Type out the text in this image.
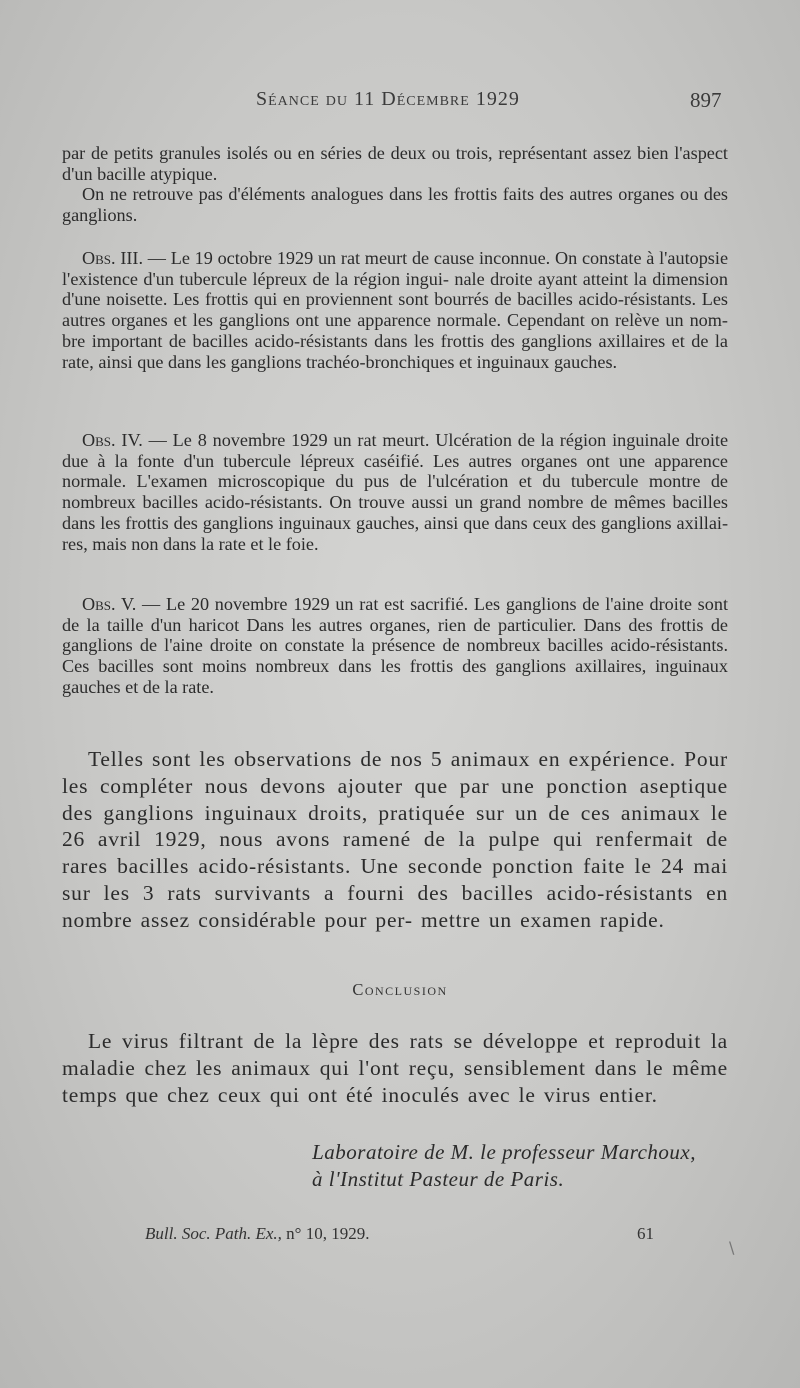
Séance du 11 Décembre 1929	897

par de petits granules isolés ou en séries de deux ou trois, représentant assez bien l'aspect d'un bacille atypique.

On ne retrouve pas d'éléments analogues dans les frottis faits des autres organes ou des ganglions.

Obs. III. — Le 19 octobre 1929 un rat meurt de cause inconnue. On constate à l'autopsie l'existence d'un tubercule lépreux de la région ingui- nale droite ayant atteint la dimension d'une noisette. Les frottis qui en proviennent sont bourrés de bacilles acido-résistants. Les autres organes et les ganglions ont une apparence normale. Cependant on relève un nom- bre important de bacilles acido-résistants dans les frottis des ganglions axillaires et de la rate, ainsi que dans les ganglions trachéo-bronchiques et inguinaux gauches.

Obs. IV. — Le 8 novembre 1929 un rat meurt. Ulcération de la région inguinale droite due à la fonte d'un tubercule lépreux caséifié. Les autres organes ont une apparence normale. L'examen microscopique du pus de l'ulcération et du tubercule montre de nombreux bacilles acido-résistants. On trouve aussi un grand nombre de mêmes bacilles dans les frottis des ganglions inguinaux gauches, ainsi que dans ceux des ganglions axillai- res, mais non dans la rate et le foie.

Obs. V. — Le 20 novembre 1929 un rat est sacrifié. Les ganglions de l'aine droite sont de la taille d'un haricot Dans les autres organes, rien de particulier. Dans des frottis de ganglions de l'aine droite on constate la présence de nombreux bacilles acido-résistants. Ces bacilles sont moins nombreux dans les frottis des ganglions axillaires, inguinaux gauches et de la rate.

Telles sont les observations de nos 5 animaux en expérience. Pour les compléter nous devons ajouter que par une ponction aseptique des ganglions inguinaux droits, pratiquée sur un de ces animaux le 26 avril 1929, nous avons ramené de la pulpe qui renfermait de rares bacilles acido-résistants. Une seconde ponction faite le 24 mai sur les 3 rats survivants a fourni des bacilles acido-résistants en nombre assez considérable pour per- mettre un examen rapide.

Conclusion

Le virus filtrant de la lèpre des rats se développe et reproduit la maladie chez les animaux qui l'ont reçu, sensiblement dans le même temps que chez ceux qui ont été inoculés avec le virus entier.

Laboratoire de M. le professeur Marchoux,
à l'Institut Pasteur de Paris.
Bull. Soc. Path. Ex., n° 10, 1929.	61
\
